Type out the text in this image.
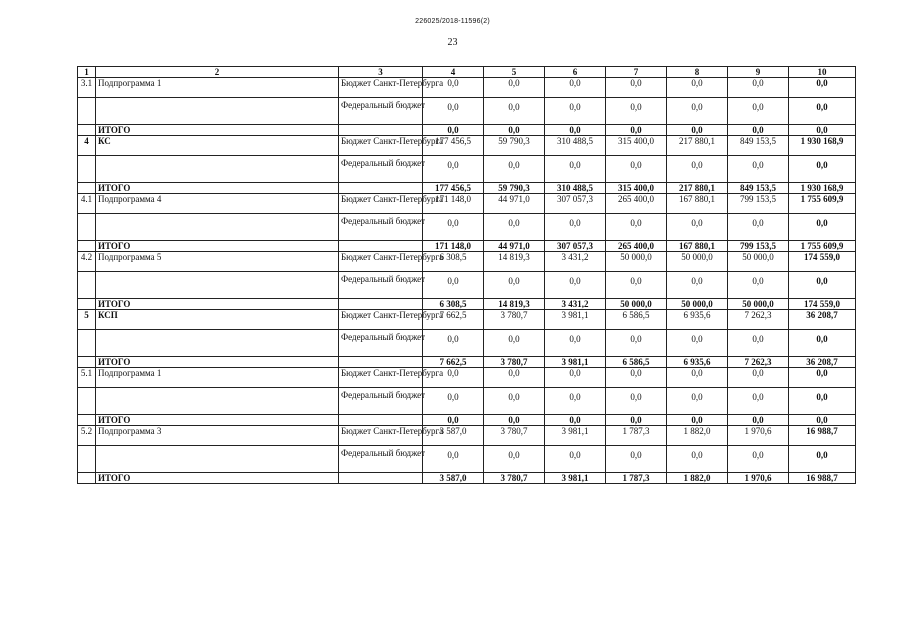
226025/2018-11596(2)
23
1	2	3	4	5	6	7	8	9	10
3.1	Подпрограмма 1	Бюджет Санкт-Петербурга	0,0	0,0	0,0	0,0	0,0	0,0	0,0
		Федеральный бюджет	0,0	0,0	0,0	0,0	0,0	0,0	0,0
	ИТОГО		0,0	0,0	0,0	0,0	0,0	0,0	0,0
4	КС	Бюджет Санкт-Петербурга	177 456,5	59 790,3	310 488,5	315 400,0	217 880,1	849 153,5	1 930 168,9
		Федеральный бюджет	0,0	0,0	0,0	0,0	0,0	0,0	0,0
	ИТОГО		177 456,5	59 790,3	310 488,5	315 400,0	217 880,1	849 153,5	1 930 168,9
4.1	Подпрограмма 4	Бюджет Санкт-Петербурга	171 148,0	44 971,0	307 057,3	265 400,0	167 880,1	799 153,5	1 755 609,9
		Федеральный бюджет	0,0	0,0	0,0	0,0	0,0	0,0	0,0
	ИТОГО		171 148,0	44 971,0	307 057,3	265 400,0	167 880,1	799 153,5	1 755 609,9
4.2	Подпрограмма 5	Бюджет Санкт-Петербурга	6 308,5	14 819,3	3 431,2	50 000,0	50 000,0	50 000,0	174 559,0
		Федеральный бюджет	0,0	0,0	0,0	0,0	0,0	0,0	0,0
	ИТОГО		6 308,5	14 819,3	3 431,2	50 000,0	50 000,0	50 000,0	174 559,0
5	КСП	Бюджет Санкт-Петербурга	7 662,5	3 780,7	3 981,1	6 586,5	6 935,6	7 262,3	36 208,7
		Федеральный бюджет	0,0	0,0	0,0	0,0	0,0	0,0	0,0
	ИТОГО		7 662,5	3 780,7	3 981,1	6 586,5	6 935,6	7 262,3	36 208,7
5.1	Подпрограмма 1	Бюджет Санкт-Петербурга	0,0	0,0	0,0	0,0	0,0	0,0	0,0
		Федеральный бюджет	0,0	0,0	0,0	0,0	0,0	0,0	0,0
	ИТОГО		0,0	0,0	0,0	0,0	0,0	0,0	0,0
5.2	Подпрограмма 3	Бюджет Санкт-Петербурга	3 587,0	3 780,7	3 981,1	1 787,3	1 882,0	1 970,6	16 988,7
		Федеральный бюджет	0,0	0,0	0,0	0,0	0,0	0,0	0,0
	ИТОГО		3 587,0	3 780,7	3 981,1	1 787,3	1 882,0	1 970,6	16 988,7
